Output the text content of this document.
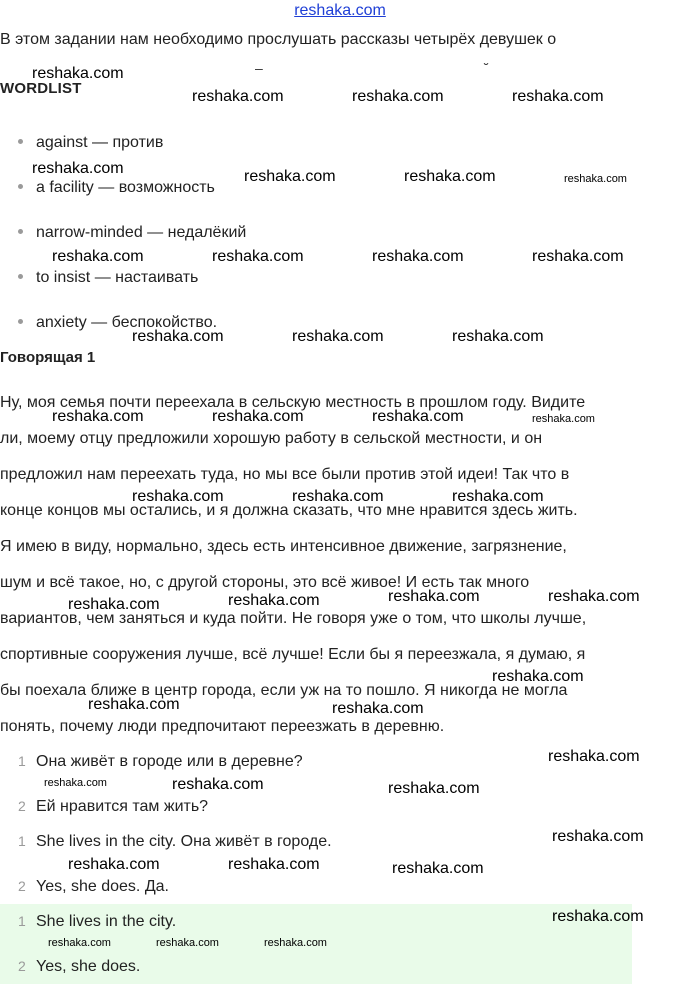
reshaka.com
В этом задании нам необходимо прослушать рассказы четырёх девушек о
–	˘
WORDLIST
against — против
a facility — возможность
narrow-minded — недалёкий
to insist — настаивать
anxiety — беспокойство.
Говорящая 1
Ну, моя семья почти переехала в сельскую местность в прошлом году. Видите
ли, моему отцу предложили хорошую работу в сельской местности, и он
предложил нам переехать туда, но мы все были против этой идеи! Так что в
конце концов мы остались, и я должна сказать, что мне нравится здесь жить.
Я имею в виду, нормально, здесь есть интенсивное движение, загрязнение,
шум и всё такое, но, с другой стороны, это всё живое! И есть так много
вариантов, чем заняться и куда пойти. Не говоря уже о том, что школы лучше,
спортивные сооружения лучше, всё лучше! Если бы я переезжала, я думаю, я
бы поехала ближе в центр города, если уж на то пошло. Я никогда не могла
понять, почему люди предпочитают переезжать в деревню.
1 Она живёт в городе или в деревне?
2 Ей нравится там жить?
1 She lives in the city. Она живёт в городе.
2 Yes, she does. Да.
1 She lives in the city.
2 Yes, she does.
reshaka.com
reshaka.com	reshaka.com	reshaka.com
reshaka.com	reshaka.com	reshaka.com	reshaka.com
reshaka.com	reshaka.com	reshaka.com	reshaka.com
reshaka.com	reshaka.com	reshaka.com
reshaka.com	reshaka.com	reshaka.com	reshaka.com
reshaka.com	reshaka.com	reshaka.com
reshaka.com	reshaka.com	reshaka.com	reshaka.com
reshaka.com	reshaka.com
reshaka.com
reshaka.com
reshaka.com	reshaka.com	reshaka.com
reshaka.com
reshaka.com	reshaka.com	reshaka.com
reshaka.com
reshaka.com	reshaka.com	reshaka.com
